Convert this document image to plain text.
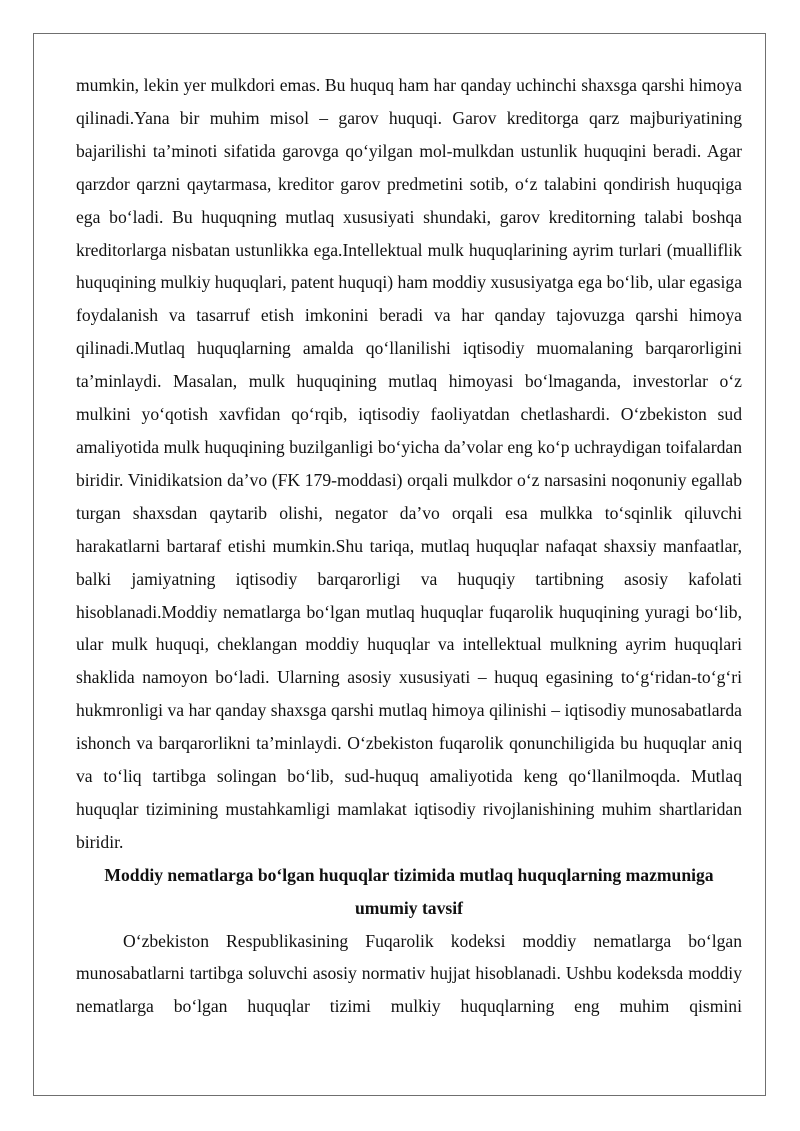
mumkin, lekin yer mulkdori emas. Bu huquq ham har qanday uchinchi shaxsga qarshi himoya qilinadi.Yana bir muhim misol – garov huquqi. Garov kreditorga qarz majburiyatining bajarilishi ta’minoti sifatida garovga qo‘yilgan mol-mulkdan ustunlik huquqini beradi. Agar qarzdor qarzni qaytarmasa, kreditor garov predmetini sotib, o‘z talabini qondirish huquqiga ega bo‘ladi. Bu huquqning mutlaq xususiyati shundaki, garov kreditorning talabi boshqa kreditorlarga nisbatan ustunlikka ega.Intellektual mulk huquqlarining ayrim turlari (mualliflik huquqining mulkiy huquqlari, patent huquqi) ham moddiy xususiyatga ega bo‘lib, ular egasiga foydalanish va tasarruf etish imkonini beradi va har qanday tajovuzga qarshi himoya qilinadi.Mutlaq huquqlarning amalda qo‘llanilishi iqtisodiy muomalaning barqarorligini ta’minlaydi. Masalan, mulk huquqining mutlaq himoyasi bo‘lmaganda, investorlar o‘z mulkini yo‘qotish xavfidan qo‘rqib, iqtisodiy faoliyatdan chetlashardi. O‘zbekiston sud amaliyotida mulk huquqining buzilganligi bo‘yicha da’volar eng ko‘p uchraydigan toifalardan biridir. Vinidikatsion da’vo (FK 179-moddasi) orqali mulkdor o‘z narsasini noqonuniy egallab turgan shaxsdan qaytarib olishi, negator da’vo orqali esa mulkka to‘sqinlik qiluvchi harakatlarni bartaraf etishi mumkin.Shu tariqa, mutlaq huquqlar nafaqat shaxsiy manfaatlar, balki jamiyatning iqtisodiy barqarorligi va huquqiy tartibning asosiy kafolati hisoblanadi.Moddiy nematlarga bo‘lgan mutlaq huquqlar fuqarolik huquqining yuragi bo‘lib, ular mulk huquqi, cheklangan moddiy huquqlar va intellektual mulkning ayrim huquqlari shaklida namoyon bo‘ladi. Ularning asosiy xususiyati – huquq egasining to‘g‘ridan-to‘g‘ri hukmronligi va har qanday shaxsga qarshi mutlaq himoya qilinishi – iqtisodiy munosabatlarda ishonch va barqarorlikni ta’minlaydi. O‘zbekiston fuqarolik qonunchiligida bu huquqlar aniq va to‘liq tartibga solingan bo‘lib, sud-huquq amaliyotida keng qo‘llanilmoqda. Mutlaq huquqlar tizimining mustahkamligi mamlakat iqtisodiy rivojlanishining muhim shartlaridan biridir.

Moddiy nematlarga bo‘lgan huquqlar tizimida mutlaq huquqlarning mazmuniga
umumiy tavsif

O‘zbekiston Respublikasining Fuqarolik kodeksi moddiy nematlarga bo‘lgan munosabatlarni tartibga soluvchi asosiy normativ hujjat hisoblanadi. Ushbu kodeksda moddiy nematlarga bo‘lgan huquqlar tizimi mulkiy huquqlarning eng muhim qismini
